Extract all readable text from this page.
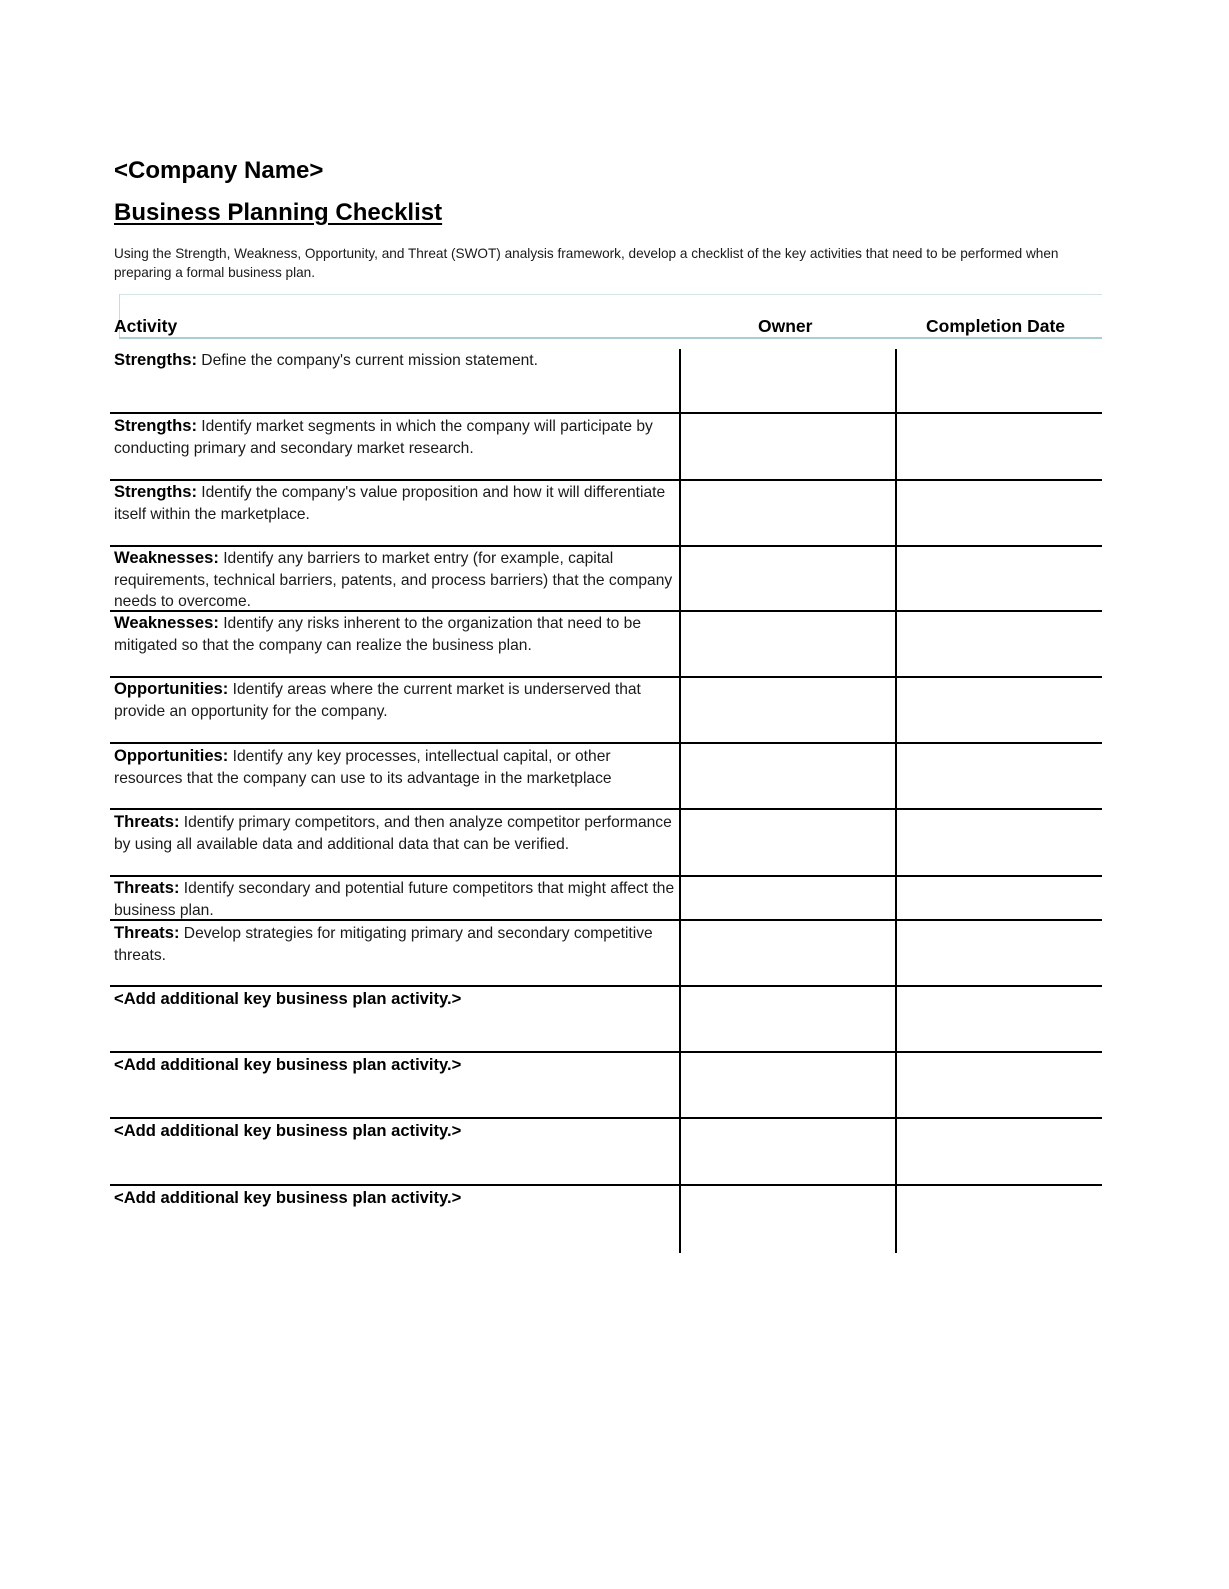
<Company Name>
Business Planning Checklist
Using the Strength, Weakness, Opportunity, and Threat (SWOT) analysis framework, develop a checklist of the key activities that need to be performed when preparing a formal business plan.
Activity	Owner	Completion Date
Strengths: Define the company's current mission statement.
Strengths: Identify market segments in which the company will participate by conducting primary and secondary market research.
Strengths: Identify the company's value proposition and how it will differentiate itself within the marketplace.
Weaknesses: Identify any barriers to market entry (for example, capital requirements, technical barriers, patents, and process barriers) that the company needs to overcome.
Weaknesses: Identify any risks inherent to the organization that need to be mitigated so that the company can realize the business plan.
Opportunities: Identify areas where the current market is underserved that provide an opportunity for the company.
Opportunities: Identify any key processes, intellectual capital, or other resources that the company can use to its advantage in the marketplace
Threats: Identify primary competitors, and then analyze competitor performance by using all available data and additional data that can be verified.
Threats: Identify secondary and potential future competitors that might affect the business plan.
Threats: Develop strategies for mitigating primary and secondary competitive threats.
<Add additional key business plan activity.>
<Add additional key business plan activity.>
<Add additional key business plan activity.>
<Add additional key business plan activity.>
